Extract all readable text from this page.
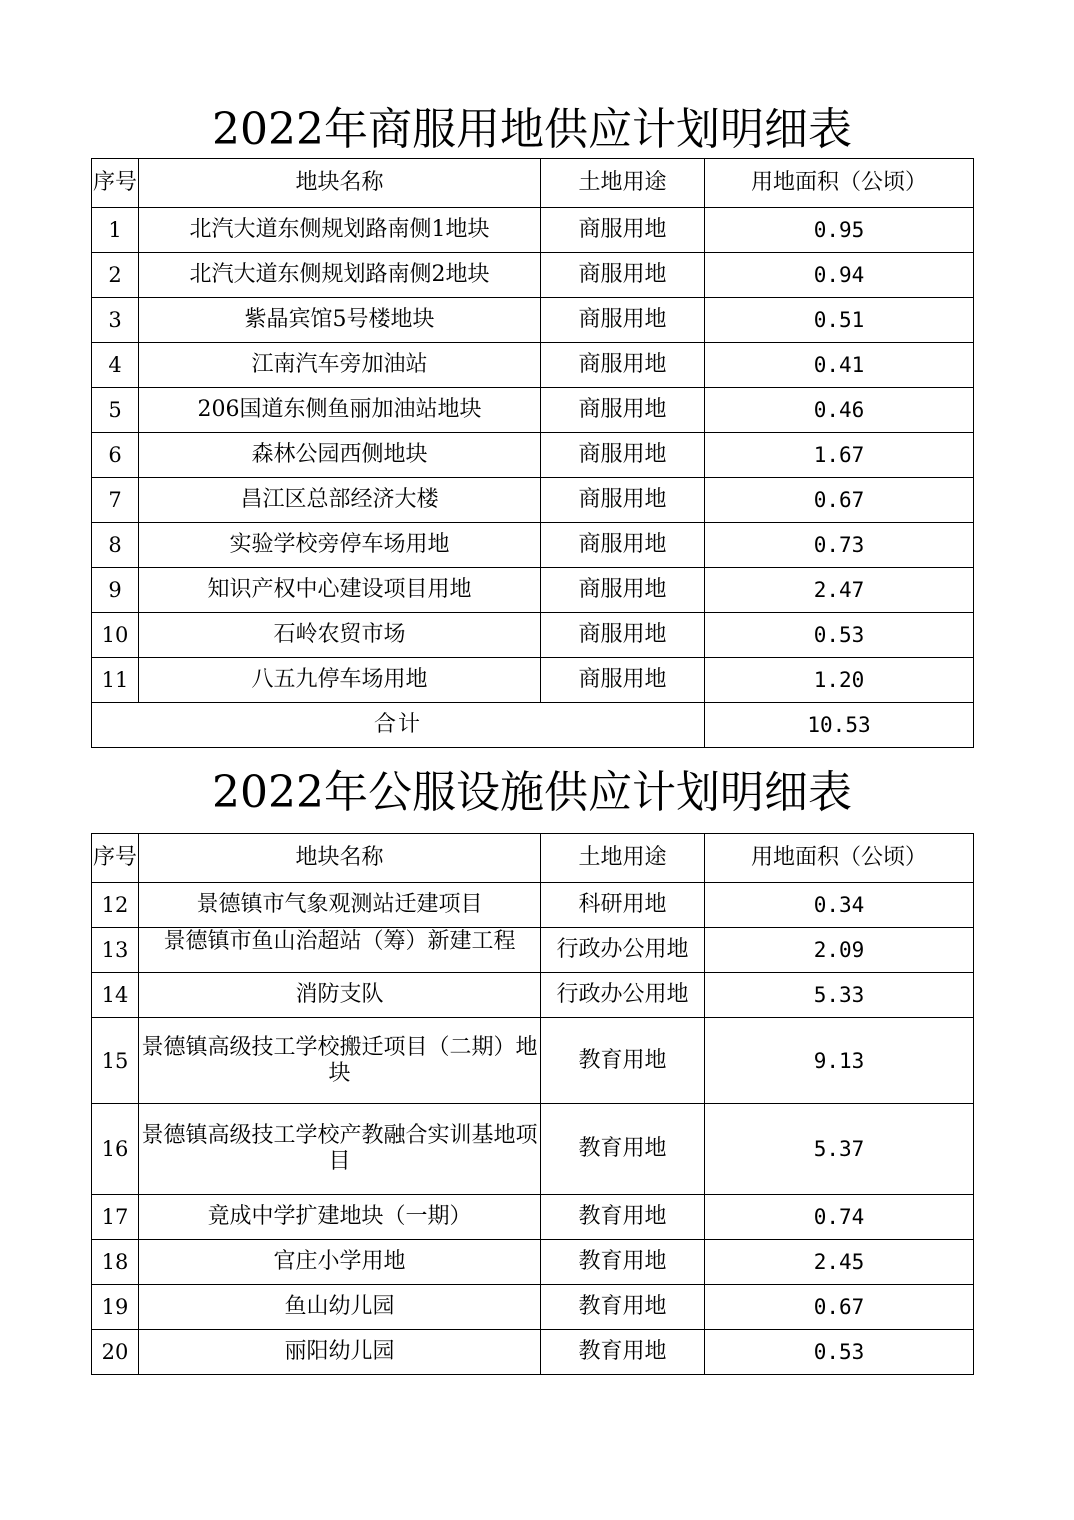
2022年商服用地供应计划明细表
序号	地块名称	土地用途	用地面积（公顷）
1	北汽大道东侧规划路南侧1地块	商服用地	0.95
2	北汽大道东侧规划路南侧2地块	商服用地	0.94
3	紫晶宾馆5号楼地块	商服用地	0.51
4	江南汽车旁加油站	商服用地	0.41
5	206国道东侧鱼丽加油站地块	商服用地	0.46
6	森林公园西侧地块	商服用地	1.67
7	昌江区总部经济大楼	商服用地	0.67
8	实验学校旁停车场用地	商服用地	0.73
9	知识产权中心建设项目用地	商服用地	2.47
10	石岭农贸市场	商服用地	0.53
11	八五九停车场用地	商服用地	1.20
合计			10.53
2022年公服设施供应计划明细表
序号	地块名称	土地用途	用地面积（公顷）
12	景德镇市气象观测站迁建项目	科研用地	0.34
13	景德镇市鱼山治超站（筹）新建工程	行政办公用地	2.09
14	消防支队	行政办公用地	5.33
15	景德镇高级技工学校搬迁项目（二期）地块	教育用地	9.13
16	景德镇高级技工学校产教融合实训基地项目	教育用地	5.37
17	竟成中学扩建地块（一期）	教育用地	0.74
18	官庄小学用地	教育用地	2.45
19	鱼山幼儿园	教育用地	0.67
20	丽阳幼儿园	教育用地	0.53
